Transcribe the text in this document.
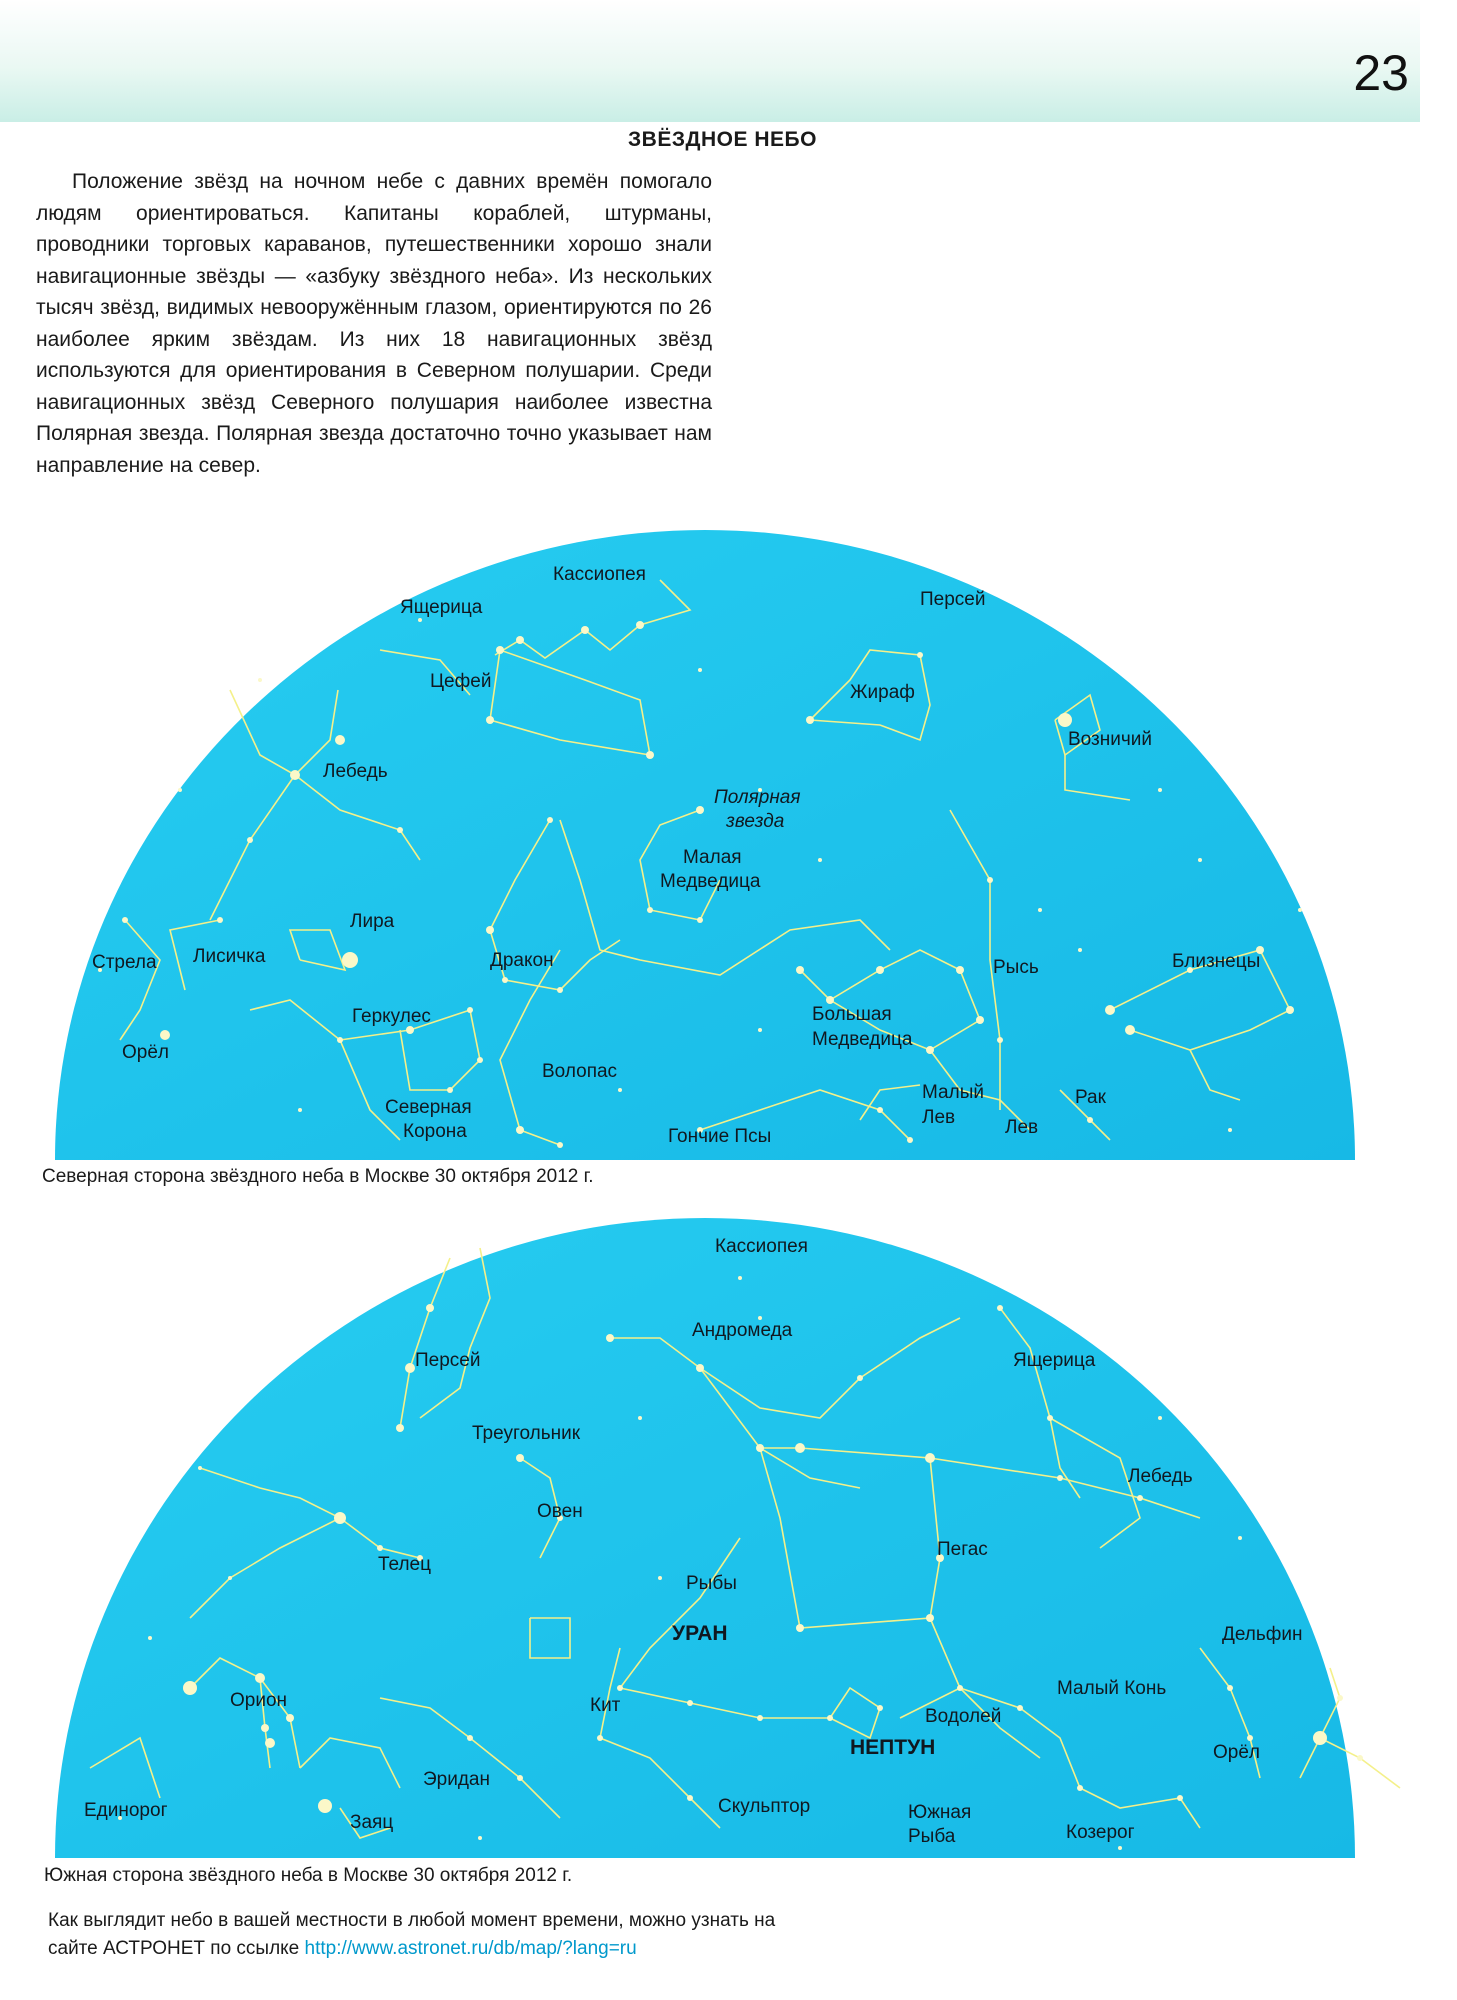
23
ЗВЁЗДНОЕ НЕБО
Положение звёзд на ночном небе с давних времён помогало людям ориентироваться. Капитаны кораблей, штурманы, проводники торговых караванов, путешественники хорошо знали навигационные звёзды — «азбуку звёздного неба». Из нескольких тысяч звёзд, видимых невооружённым глазом, ориентируются по 26 наиболее ярким звёздам. Из них 18 навигационных звёзд используются для ориентирования в Северном полушарии. Среди навигационных звёзд Северного полушария наиболее известна Полярная звезда. Полярная звезда достаточно точно указывает нам направление на север.
Кассиопея
Ящерица	Персей
Цефей
Жираф
Возничий
Лебедь
Полярная
звезда
Малая
Медведица
Лира
Стрела Лисичка	Дракон	Рысь	Близнецы
Геркулес	Большая
Медведица
Орёл
Волопас
Малый
Лев
Рак
Северная
Корона	Гончие Псы	Лев
Северная сторона звёздного неба в Москве 30 октября 2012 г.
Кассиопея
Персей
Андромеда
Ящерица
Треугольник
Лебедь
Овен
Телец
Пегас
Рыбы
УРАН	Дельфин
Орион	Кит
Малый Конь
Водолей
НЕПТУН	Орёл
Эридан
Единорог
Заяц
Скульптор	Южная
Рыба	Козерог
Южная сторона звёздного неба в Москве 30 октября 2012 г.
Как выглядит небо в вашей местности в любой момент времени, можно узнать на
сайте АСТРОНЕТ по ссылке http://www.astronet.ru/db/map/?lang=ru
